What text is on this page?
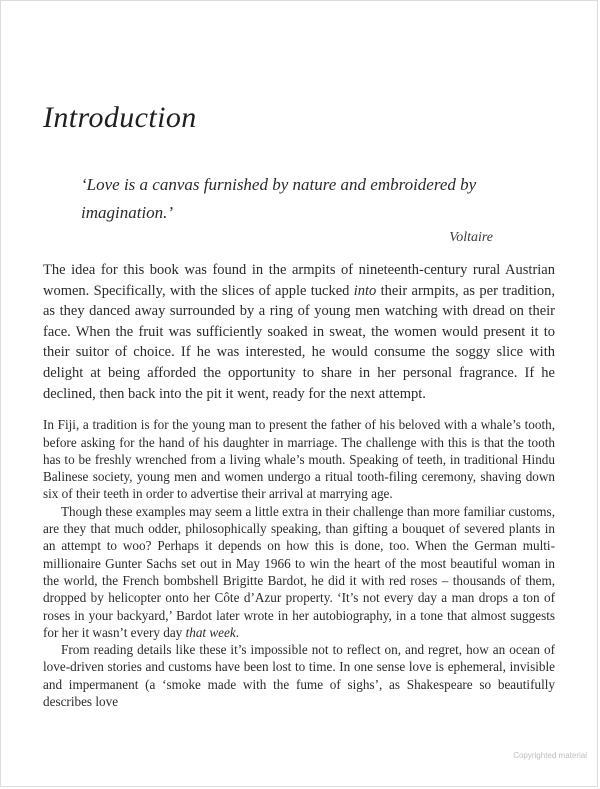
Introduction

‘Love is a canvas furnished by nature and embroidered by imagination.’

Voltaire

The idea for this book was found in the armpits of nineteenth-century rural Austrian women. Specifically, with the slices of apple tucked into their armpits, as per tradition, as they danced away surrounded by a ring of young men watching with dread on their face. When the fruit was sufficiently soaked in sweat, the women would present it to their suitor of choice. If he was interested, he would consume the soggy slice with delight at being afforded the opportunity to share in her personal fragrance. If he declined, then back into the pit it went, ready for the next attempt.

In Fiji, a tradition is for the young man to present the father of his beloved with a whale’s tooth, before asking for the hand of his daughter in marriage. The challenge with this is that the tooth has to be freshly wrenched from a living whale’s mouth. Speaking of teeth, in traditional Hindu Balinese society, young men and women undergo a ritual tooth-filing ceremony, shaving down six of their teeth in order to advertise their arrival at marrying age.

Though these examples may seem a little extra in their challenge than more familiar customs, are they that much odder, philosophically speaking, than gifting a bouquet of severed plants in an attempt to woo? Perhaps it depends on how this is done, too. When the German multi-millionaire Gunter Sachs set out in May 1966 to win the heart of the most beautiful woman in the world, the French bombshell Brigitte Bardot, he did it with red roses – thousands of them, dropped by helicopter onto her Côte d’Azur property. ‘It’s not every day a man drops a ton of roses in your backyard,’ Bardot later wrote in her autobiography, in a tone that almost suggests for her it wasn’t every day that week.

From reading details like these it’s impossible not to reflect on, and regret, how an ocean of love-driven stories and customs have been lost to time. In one sense love is ephemeral, invisible and impermanent (a ‘smoke made with the fume of sighs’, as Shakespeare so beautifully describes love

Copyrighted material
